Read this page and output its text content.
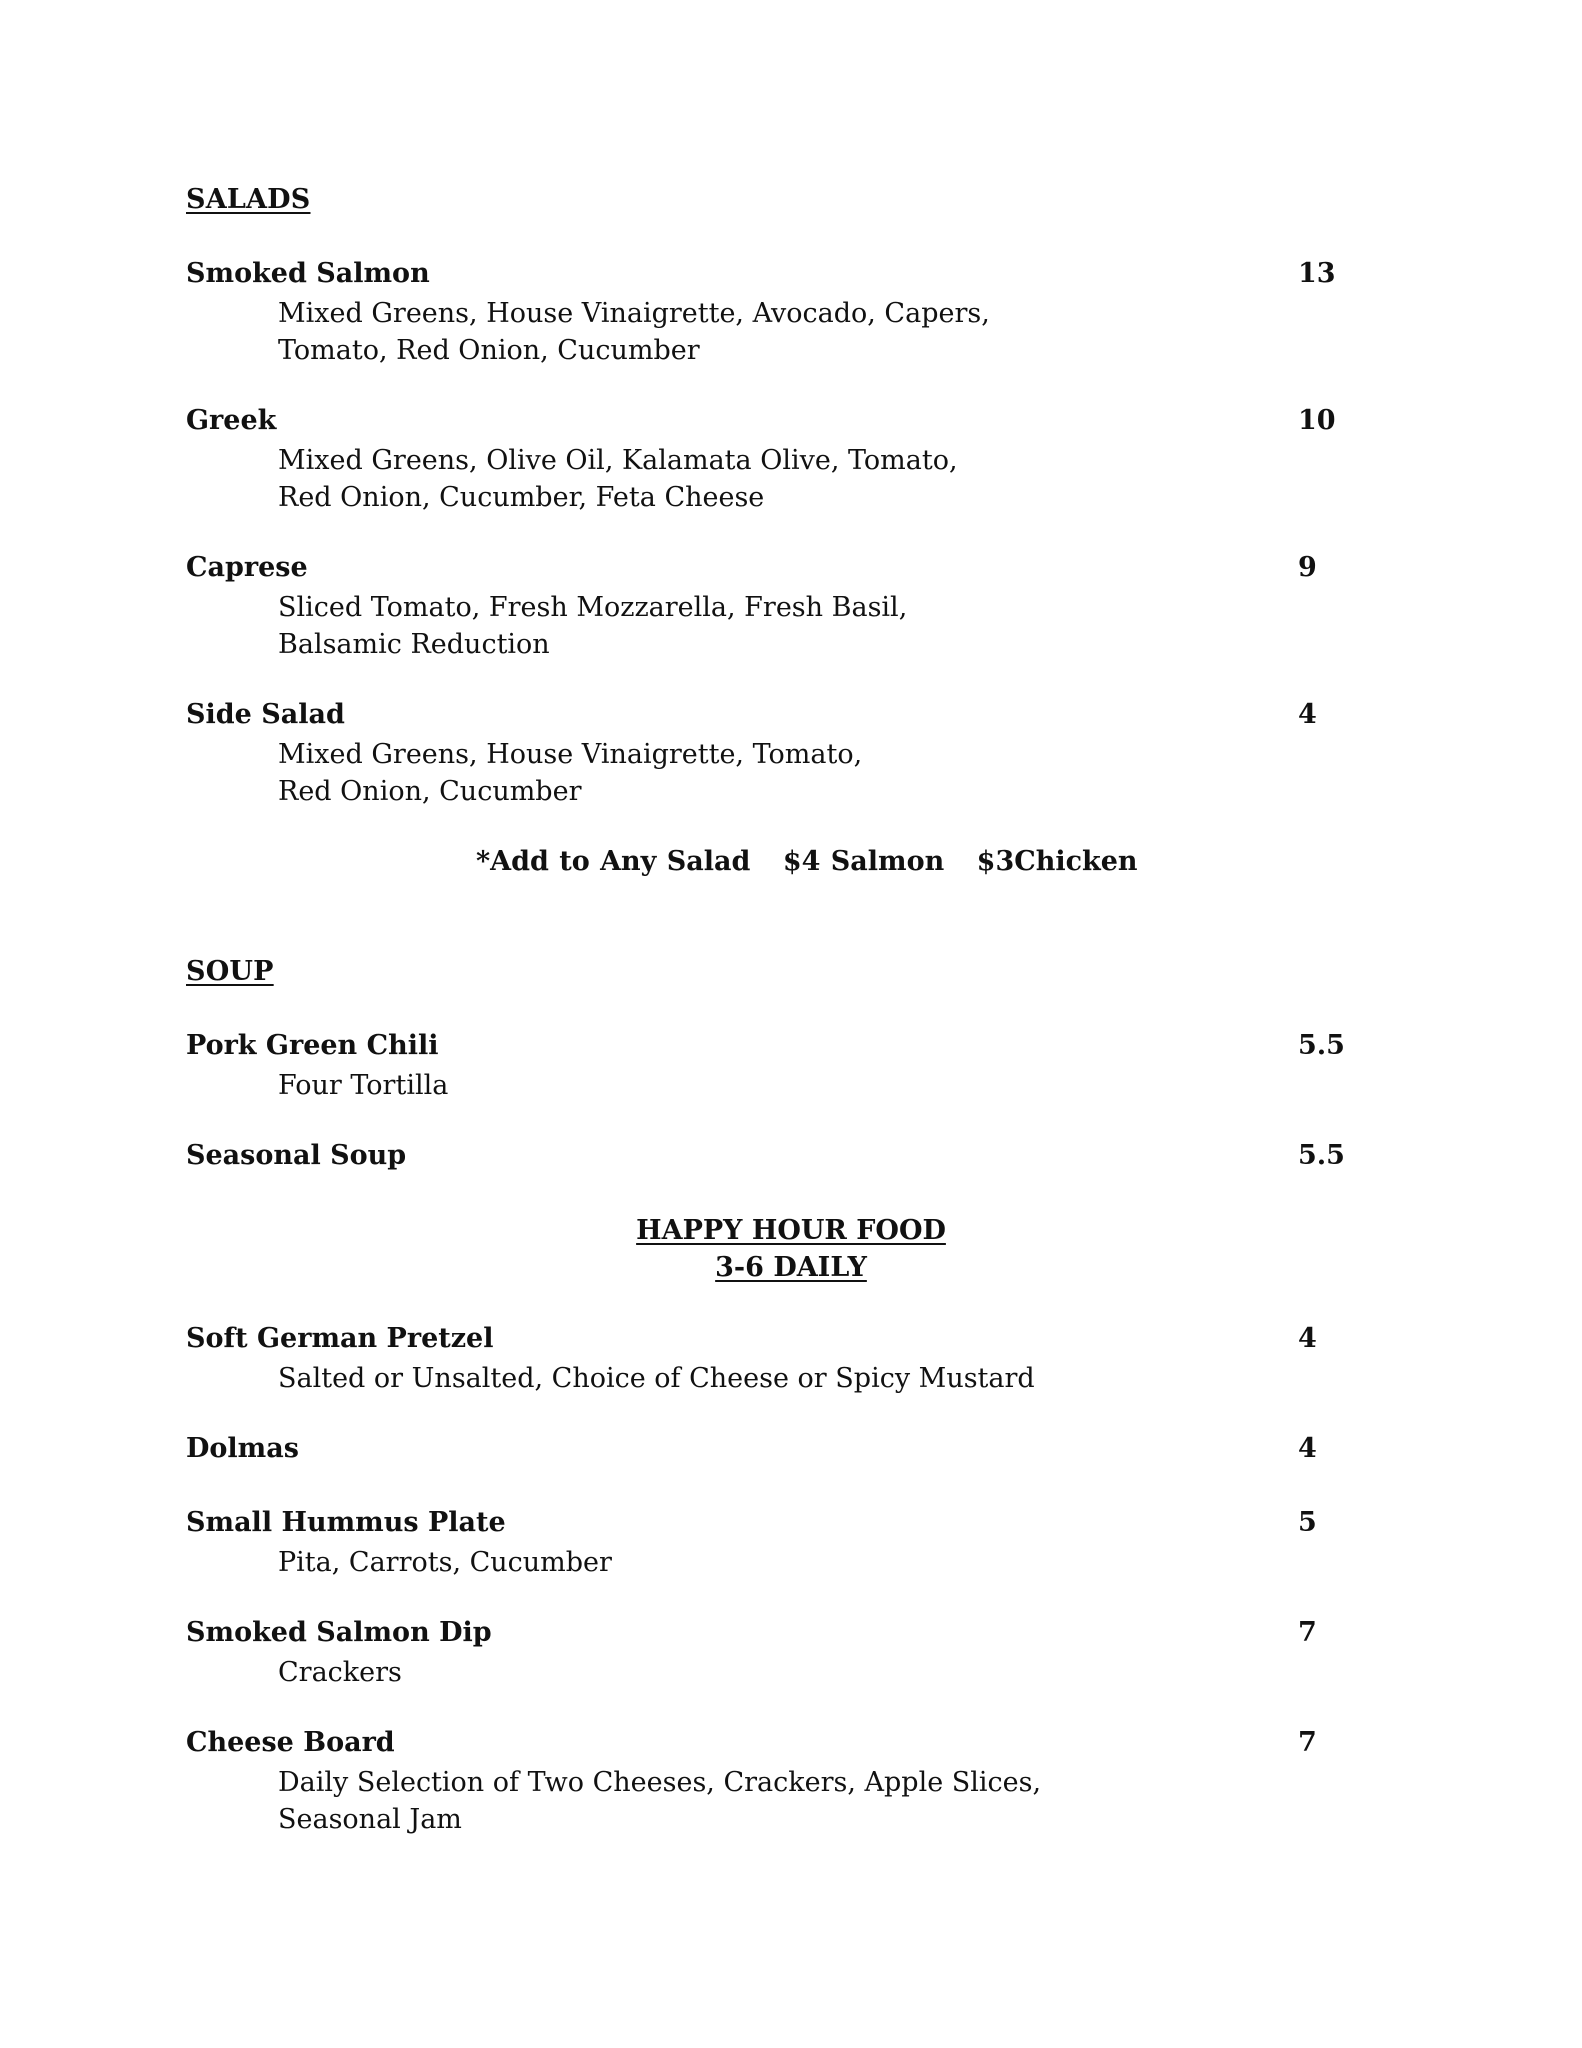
SALADS
Smoked Salmon	13
Mixed Greens, House Vinaigrette, Avocado, Capers,
Tomato, Red Onion, Cucumber
Greek	10
Mixed Greens, Olive Oil, Kalamata Olive, Tomato,
Red Onion, Cucumber, Feta Cheese
Caprese	9
Sliced Tomato, Fresh Mozzarella, Fresh Basil,
Balsamic Reduction
Side Salad	4
Mixed Greens, House Vinaigrette, Tomato,
Red Onion, Cucumber
*Add to Any Salad $4 Salmon $3Chicken
SOUP
Pork Green Chili	5.5
Four Tortilla
Seasonal Soup	5.5
HAPPY HOUR FOOD
3-6 DAILY
Soft German Pretzel	4
Salted or Unsalted, Choice of Cheese or Spicy Mustard
Dolmas	4
Small Hummus Plate	5
Pita, Carrots, Cucumber
Smoked Salmon Dip	7
Crackers
Cheese Board	7
Daily Selection of Two Cheeses, Crackers, Apple Slices,
Seasonal Jam
